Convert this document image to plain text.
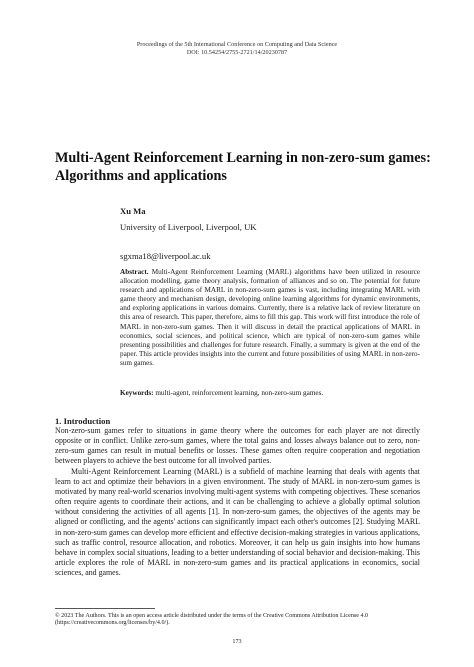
Proceedings of the 5th International Conference on Computing and Data Science
DOI: 10.54254/2755-2721/14/20230787
Multi-Agent Reinforcement Learning in non-zero-sum games: Algorithms and applications
Xu Ma
University of Liverpool, Liverpool, UK
sgxma18@liverpool.ac.uk
Abstract. Multi-Agent Reinforcement Learning (MARL) algorithms have been utilized in resource allocation modelling, game theory analysis, formation of alliances and so on. The potential for future research and applications of MARL in non-zero-sum games is vast, including integrating MARL with game theory and mechanism design, developing online learning algorithms for dynamic environments, and exploring applications in various domains. Currently, there is a relative lack of review literature on this area of research. This paper, therefore, aims to fill this gap. This work will first introduce the role of MARL in non-zero-sum games. Then it will discuss in detail the practical applications of MARL in economics, social sciences, and political science, which are typical of non-zero-sum games while presenting possibilities and challenges for future research. Finally, a summary is given at the end of the paper. This article provides insights into the current and future possibilities of using MARL in non-zero-sum games.
Keywords: multi-agent, reinforcement learning, non-zero-sum games.
1. Introduction

Non-zero-sum games refer to situations in game theory where the outcomes for each player are not directly opposite or in conflict. Unlike zero-sum games, where the total gains and losses always balance out to zero, non-zero-sum games can result in mutual benefits or losses. These games often require cooperation and negotiation between players to achieve the best outcome for all involved parties.

Multi-Agent Reinforcement Learning (MARL) is a subfield of machine learning that deals with agents that learn to act and optimize their behaviors in a given environment. The study of MARL in non-zero-sum games is motivated by many real-world scenarios involving multi-agent systems with competing objectives. These scenarios often require agents to coordinate their actions, and it can be challenging to achieve a globally optimal solution without considering the activities of all agents [1]. In non-zero-sum games, the objectives of the agents may be aligned or conflicting, and the agents' actions can significantly impact each other's outcomes [2]. Studying MARL in non-zero-sum games can develop more efficient and effective decision-making strategies in various applications, such as traffic control, resource allocation, and robotics. Moreover, it can help us gain insights into how humans behave in complex social situations, leading to a better understanding of social behavior and decision-making. This article explores the role of MARL in non-zero-sum games and its practical applications in economics, social sciences, and games.

© 2023 The Authors. This is an open access article distributed under the terms of the Creative Commons Attribution License 4.0
(https://creativecommons.org/licenses/by/4.0/).
173
